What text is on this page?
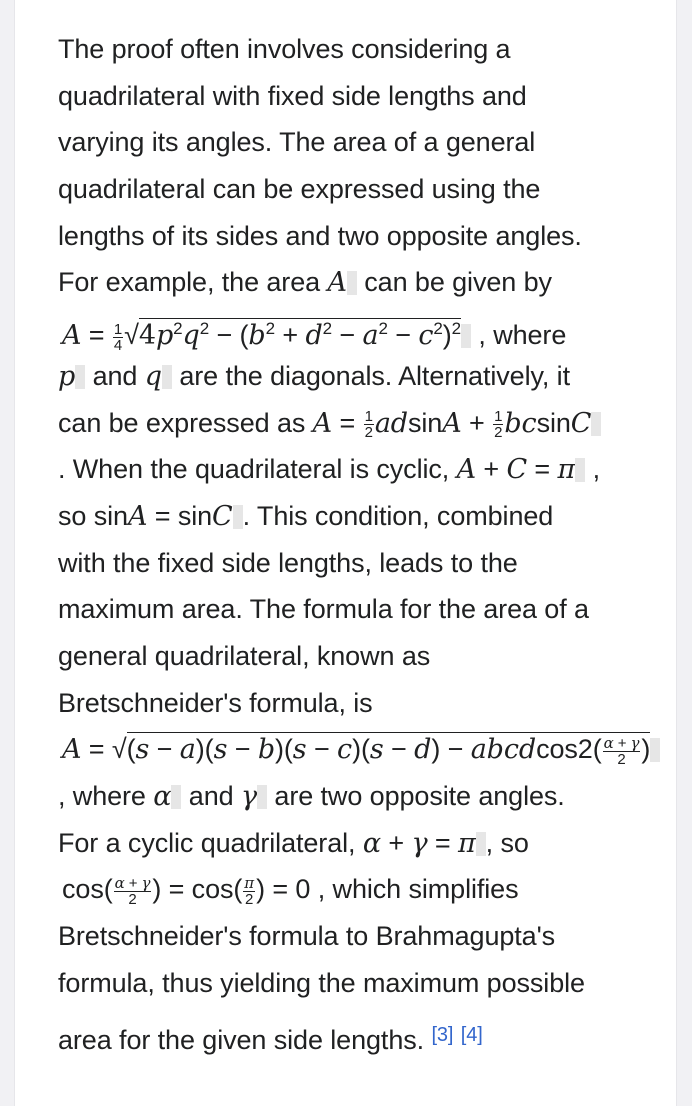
The proof often involves considering a
quadrilateral with fixed side lengths and
varying its angles. The area of a general
quadrilateral can be expressed using the
lengths of its sides and two opposite angles.
For example, the area A can be given by
$A = \frac{1}{4} √4p^2q^2 - (b^2 + d^2 - a^2 - c^2)^2$ , where
p and q are the diagonals. Alternatively, it
can be expressed as $A = \frac{1}{2}$ $adsinA + \frac{1}{2}$ bcsinC
. When the quadrilateral is cyclic, A + C = π ,
so sinA = sinC . This condition, combined
with the fixed side lengths, leads to the
maximum area. The formula for the area of a
general quadrilateral, known as
Bretschneider's formula, is
A = √(s − a)(s − b)(s − c)(s − d) − abcdcos2( $\frac{\alpha + \gamma}{2}$ )
, where α and γ are two opposite angles.
For a cyclic quadrilateral, α + γ = π , so
$\cos( \frac{\alpha + \gamma}{2}$ ) = $\cos( \frac{\pi}{2}$ ) = 0 , which simplifies
Bretschneider's formula to Brahmagupta's
formula, thus yielding the maximum possible
area for the given side lengths. [3] [4]
